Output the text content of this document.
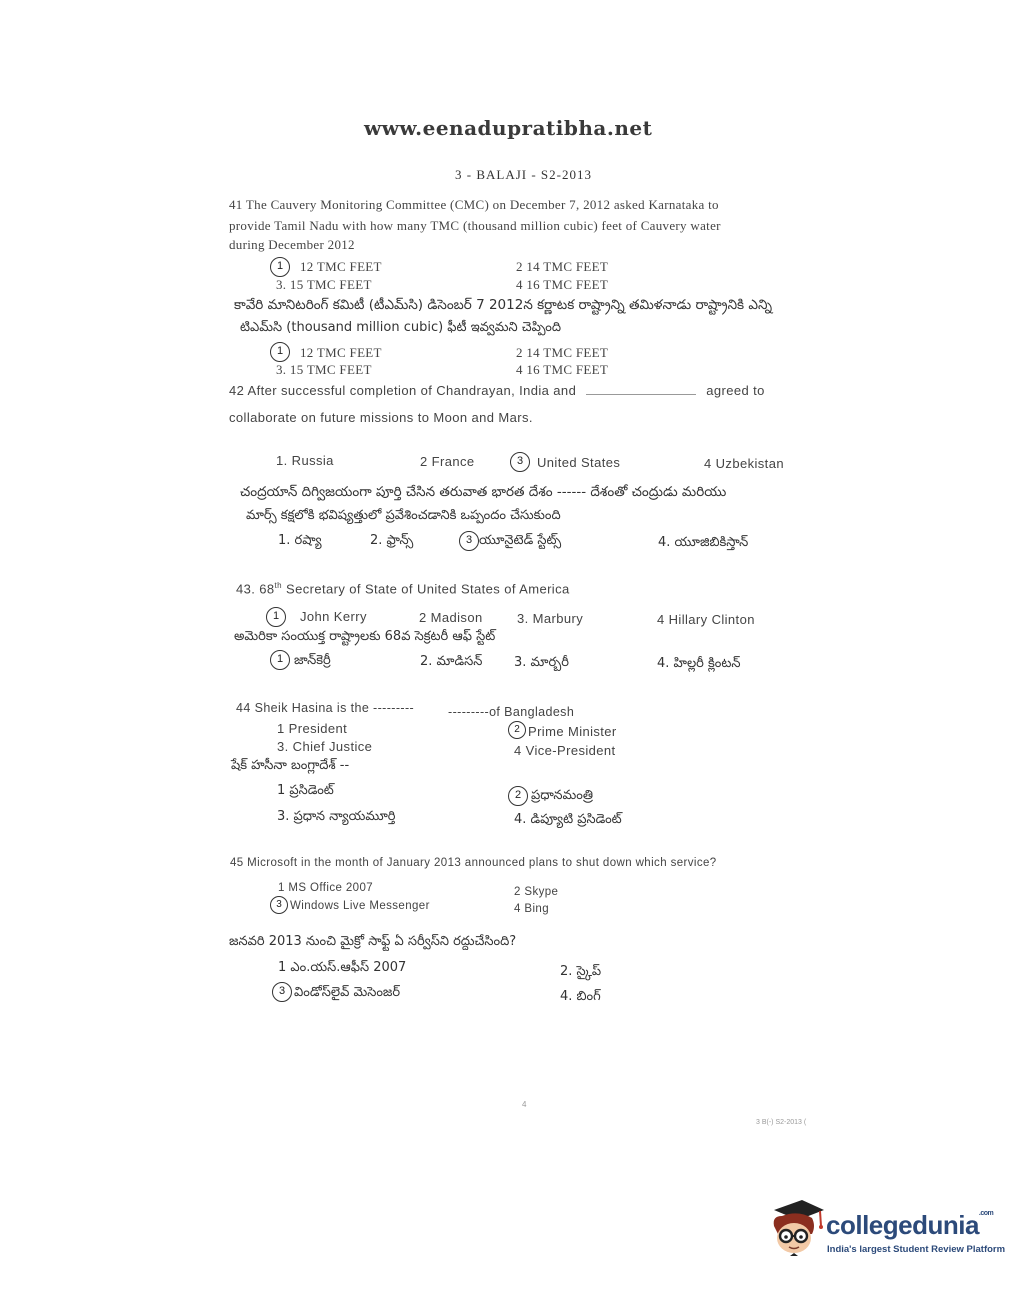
www.eenadupratibha.net
3 - BALAJI - S2-2013
41 The Cauvery Monitoring Committee (CMC) on December 7, 2012 asked Karnataka to
provide Tamil Nadu with how many TMC (thousand million cubic) feet of Cauvery water
during December 2012
1	12 TMC FEET	2 14 TMC FEET
3. 15 TMC FEET	4 16 TMC FEET
కావేరి మానిటరింగ్ కమిటీ (టీఎమ్‌సి) డిసెంబర్ 7 2012న కర్ణాటక రాష్ట్రాన్ని తమిళనాడు రాష్ట్రానికి ఎన్ని
టిఎమ్‌సి (thousand million cubic) ఫీటీ ఇవ్వమని చెప్పింది
1	12 TMC FEET	2 14 TMC FEET
3. 15 TMC FEET	4 16 TMC FEET
42 After successful completion of Chandrayan, India and	agreed to
collaborate on future missions to Moon and Mars.
1. Russia	2 France	3	United States	4 Uzbekistan
చంద్రయాన్ దిగ్విజయంగా పూర్తి చేసిన తరువాత భారత దేశం ------ దేశంతో చంద్రుడు మరియు
మార్స్ కక్షలోకి భవిష్యత్తులో ప్రవేశించడానికి ఒప్పందం చేసుకుంది
1. రష్యా	2. ఫ్రాన్స్	3 యూనైటెడ్ స్టేట్స్	4. యూజిబికిస్తాన్
43. 68th Secretary of State of United States of America
1	John Kerry	2 Madison	3. Marbury	4 Hillary Clinton
అమెరికా సంయుక్త రాష్ట్రాలకు 68వ సెక్రటరీ ఆఫ్ స్టేట్
1 జాన్‌కెర్రీ	2. మాడిసన్ 3. మార్బరీ	4. హిల్లరీ క్లింటన్
44 Sheik Hasina is the ---------	---------of Bangladesh
1 President	2 Prime Minister
3. Chief Justice	4 Vice-President
షేక్ హసీనా బంగ్లాదేశ్ --
1 ప్రసిడెంట్	2 ప్రధానమంత్రి
3. ప్రధాన న్యాయమూర్తి	4. డిప్యూటి ప్రసిడెంట్
45 Microsoft in the month of January 2013 announced plans to shut down which service?
1 MS Office 2007	2 Skype
3 Windows Live Messenger	4 Bing
జనవరి 2013 నుంచి మైక్రో సాఫ్ట్ ఏ సర్వీస్‌ని రద్దుచేసింది?
1 ఎం.యస్.ఆఫీస్ 2007	2. స్కైప్
3 విండోస్‌లైవ్ మెసెంజర్	4. బింగ్
4
3 B(-) S2-2013 (
collegedunia$^{.com}$
India's largest Student Review Platform
